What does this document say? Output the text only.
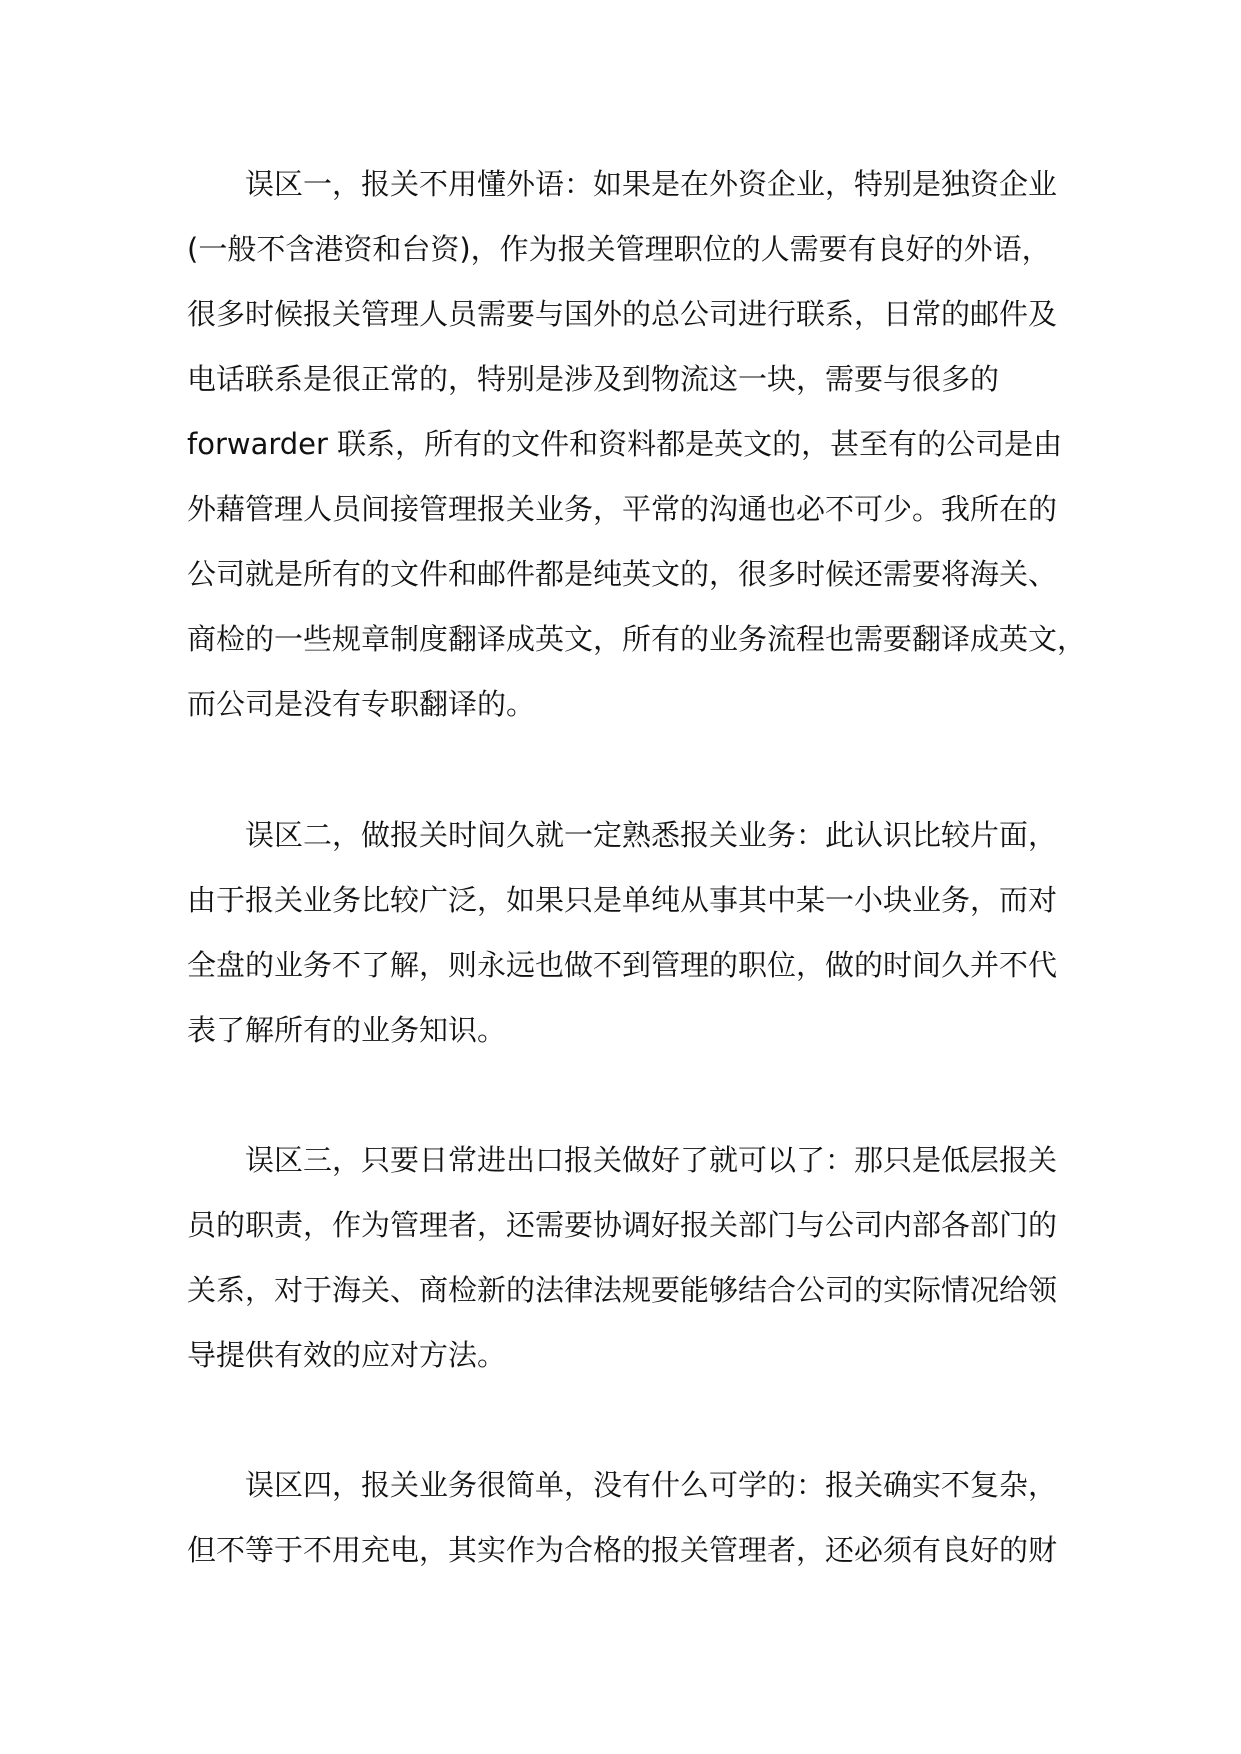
误区一，报关不用懂外语：如果是在外资企业，特别是独资企业
(一般不含港资和台资)，作为报关管理职位的人需要有良好的外语，
很多时候报关管理人员需要与国外的总公司进行联系，日常的邮件及
电话联系是很正常的，特别是涉及到物流这一块，需要与很多的
forwarder 联系，所有的文件和资料都是英文的，甚至有的公司是由
外藉管理人员间接管理报关业务，平常的沟通也必不可少。我所在的
公司就是所有的文件和邮件都是纯英文的，很多时候还需要将海关、
商检的一些规章制度翻译成英文，所有的业务流程也需要翻译成英文，
而公司是没有专职翻译的。
误区二，做报关时间久就一定熟悉报关业务：此认识比较片面，
由于报关业务比较广泛，如果只是单纯从事其中某一小块业务，而对
全盘的业务不了解，则永远也做不到管理的职位，做的时间久并不代
表了解所有的业务知识。
误区三，只要日常进出口报关做好了就可以了：那只是低层报关
员的职责，作为管理者，还需要协调好报关部门与公司内部各部门的
关系，对于海关、商检新的法律法规要能够结合公司的实际情况给领
导提供有效的应对方法。
误区四，报关业务很简单，没有什么可学的：报关确实不复杂，
但不等于不用充电，其实作为合格的报关管理者，还必须有良好的财
